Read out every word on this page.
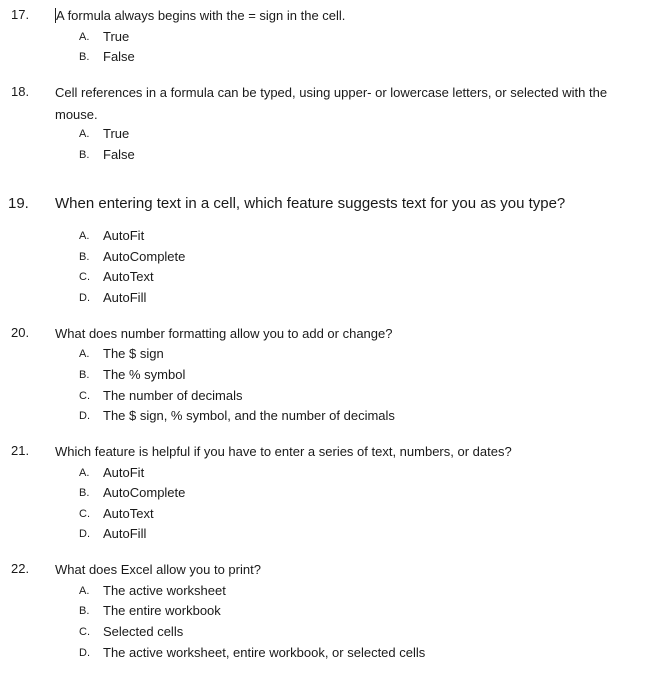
17. A formula always begins with the = sign in the cell.
A. True
B. False
18. Cell references in a formula can be typed, using upper- or lowercase letters, or selected with the mouse.
A. True
B. False
19. When entering text in a cell, which feature suggests text for you as you type?
A. AutoFit
B. AutoComplete
C. AutoText
D. AutoFill
20. What does number formatting allow you to add or change?
A. The $ sign
B. The % symbol
C. The number of decimals
D. The $ sign, % symbol, and the number of decimals
21. Which feature is helpful if you have to enter a series of text, numbers, or dates?
A. AutoFit
B. AutoComplete
C. AutoText
D. AutoFill
22. What does Excel allow you to print?
A. The active worksheet
B. The entire workbook
C. Selected cells
D. The active worksheet, entire workbook, or selected cells
